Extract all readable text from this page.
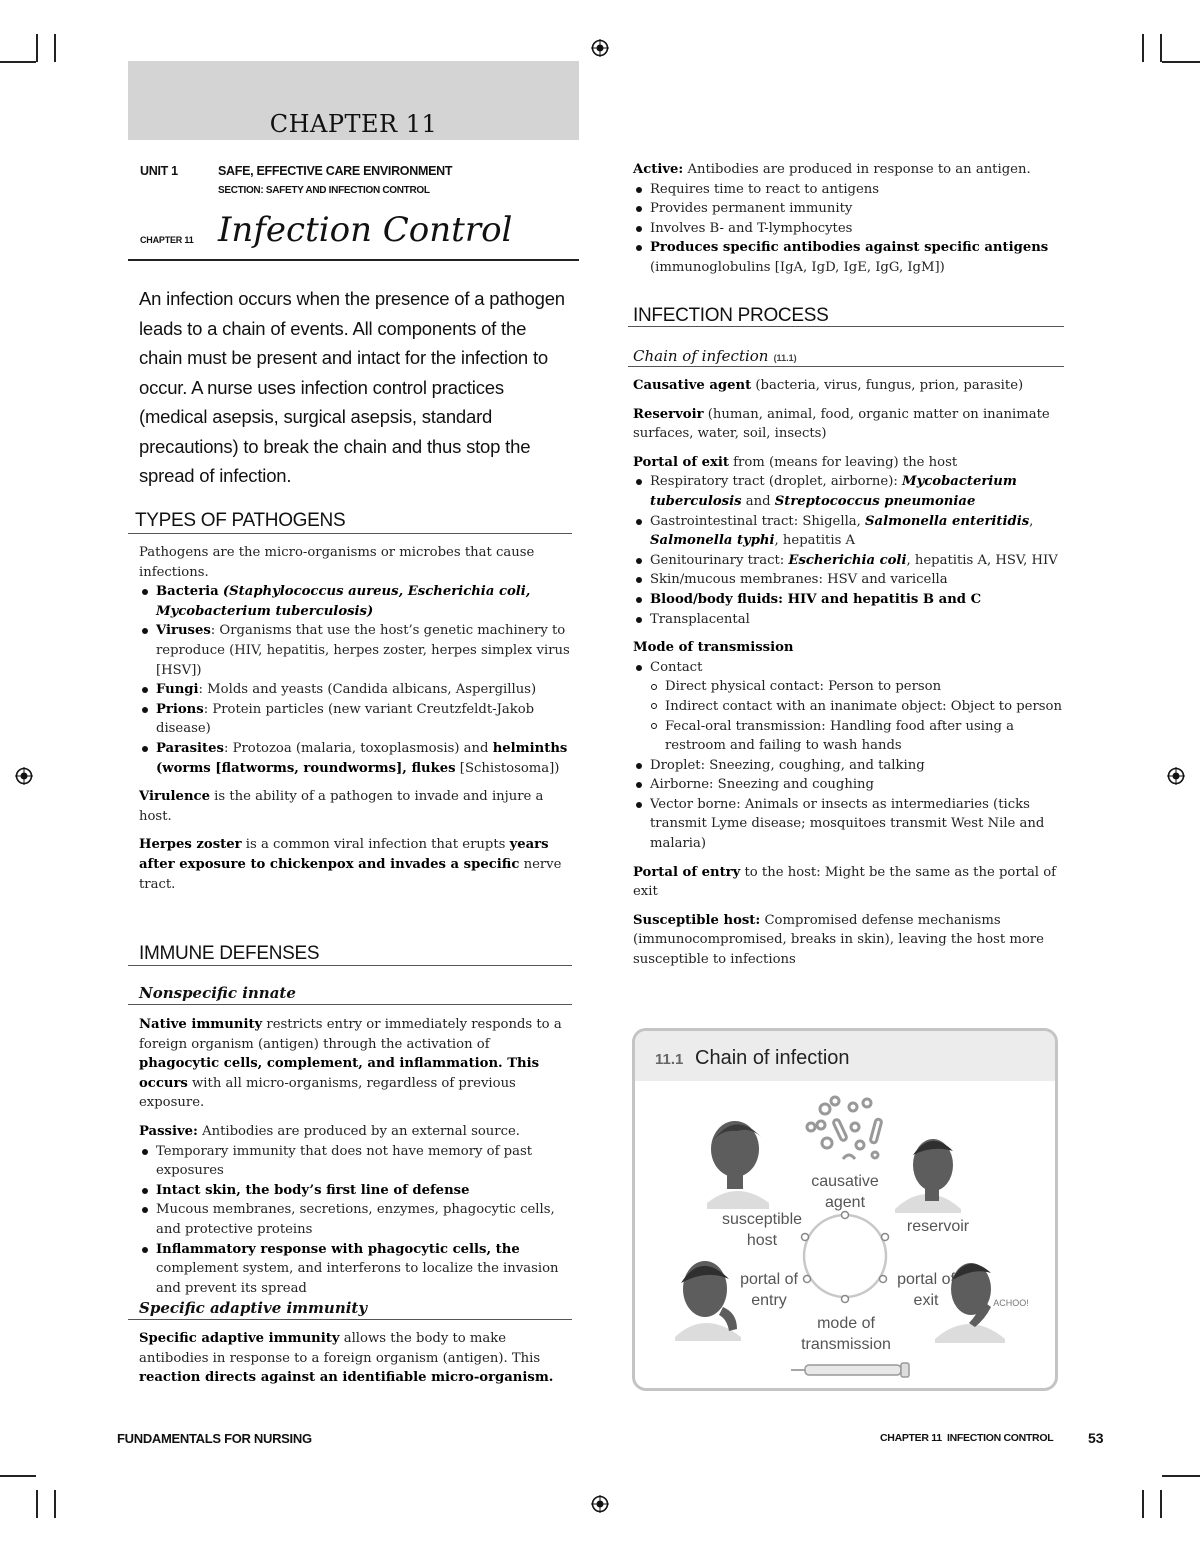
CHAPTER 11
UNIT 1	SAFE, EFFECTIVE CARE ENVIRONMENT
SECTION: SAFETY AND INFECTION CONTROL
CHAPTER 11 Infection Control
An infection occurs when the presence of a pathogen leads to a chain of events. All components of the chain must be present and intact for the infection to occur. A nurse uses infection control practices (medical asepsis, surgical asepsis, standard precautions) to break the chain and thus stop the spread of infection.
TYPES OF PATHOGENS

Pathogens are the micro-organisms or microbes that cause infections.

Bacteria (Staphylococcus aureus, Escherichia coli, Mycobacterium tuberculosis)
Viruses: Organisms that use the host’s genetic machinery to reproduce (HIV, hepatitis, herpes zoster, herpes simplex virus [HSV])
Fungi: Molds and yeasts (Candida albicans, Aspergillus)
Prions: Protein particles (new variant Creutzfeldt-Jakob disease)
Parasites: Protozoa (malaria, toxoplasmosis) and helminths (worms [flatworms, roundworms], flukes [Schistosoma])

Virulence is the ability of a pathogen to invade and injure a host.

Herpes zoster is a common viral infection that erupts years after exposure to chickenpox and invades a specific nerve tract.

IMMUNE DEFENSES
Nonspecific innate

Native immunity restricts entry or immediately responds to a foreign organism (antigen) through the activation of phagocytic cells, complement, and inflammation. This occurs with all micro-organisms, regardless of previous exposure.

Passive: Antibodies are produced by an external source.

Temporary immunity that does not have memory of past exposures
Intact skin, the body’s first line of defense
Mucous membranes, secretions, enzymes, phagocytic cells, and protective proteins
Inflammatory response with phagocytic cells, the complement system, and interferons to localize the invasion and prevent its spread
Specific adaptive immunity

Specific adaptive immunity allows the body to make antibodies in response to a foreign organism (antigen). This reaction directs against an identifiable micro-organism.

Active: Antibodies are produced in response to an antigen.

Requires time to react to antigens
Provides permanent immunity
Involves B- and T-lymphocytes
Produces specific antibodies against specific antigens
(immunoglobulins [IgA, IgD, IgE, IgG, IgM])
INFECTION PROCESS
Chain of infection (11.1)

Causative agent (bacteria, virus, fungus, prion, parasite)

Reservoir (human, animal, food, organic matter on inanimate surfaces, water, soil, insects)

Portal of exit from (means for leaving) the host

Respiratory tract (droplet, airborne): Mycobacterium tuberculosis and Streptococcus pneumoniae
Gastrointestinal tract: Shigella, Salmonella enteritidis, Salmonella typhi, hepatitis A
Genitourinary tract: Escherichia coli, hepatitis A, HSV, HIV
Skin/mucous membranes: HSV and varicella
Blood/body fluids: HIV and hepatitis B and C
Transplacental

Mode of transmission

Contact
Direct physical contact: Person to person
Indirect contact with an inanimate object: Object to person
Fecal-oral transmission: Handling food after using a restroom and failing to wash hands
Droplet: Sneezing, coughing, and talking
Airborne: Sneezing and coughing
Vector borne: Animals or insects as intermediaries (ticks transmit Lyme disease; mosquitoes transmit West Nile and malaria)

Portal of entry to the host: Might be the same as the portal of exit

Susceptible host: Compromised defense mechanisms (immunocompromised, breaks in skin), leaving the host more susceptible to infections

11.1 Chain of infection
causative agent
reservoir
susceptible host
portal of entry
portal of exit
mode of transmission
ACHOO!
FUNDAMENTALS FOR NURSING	CHAPTER 11  INFECTION CONTROL 53
